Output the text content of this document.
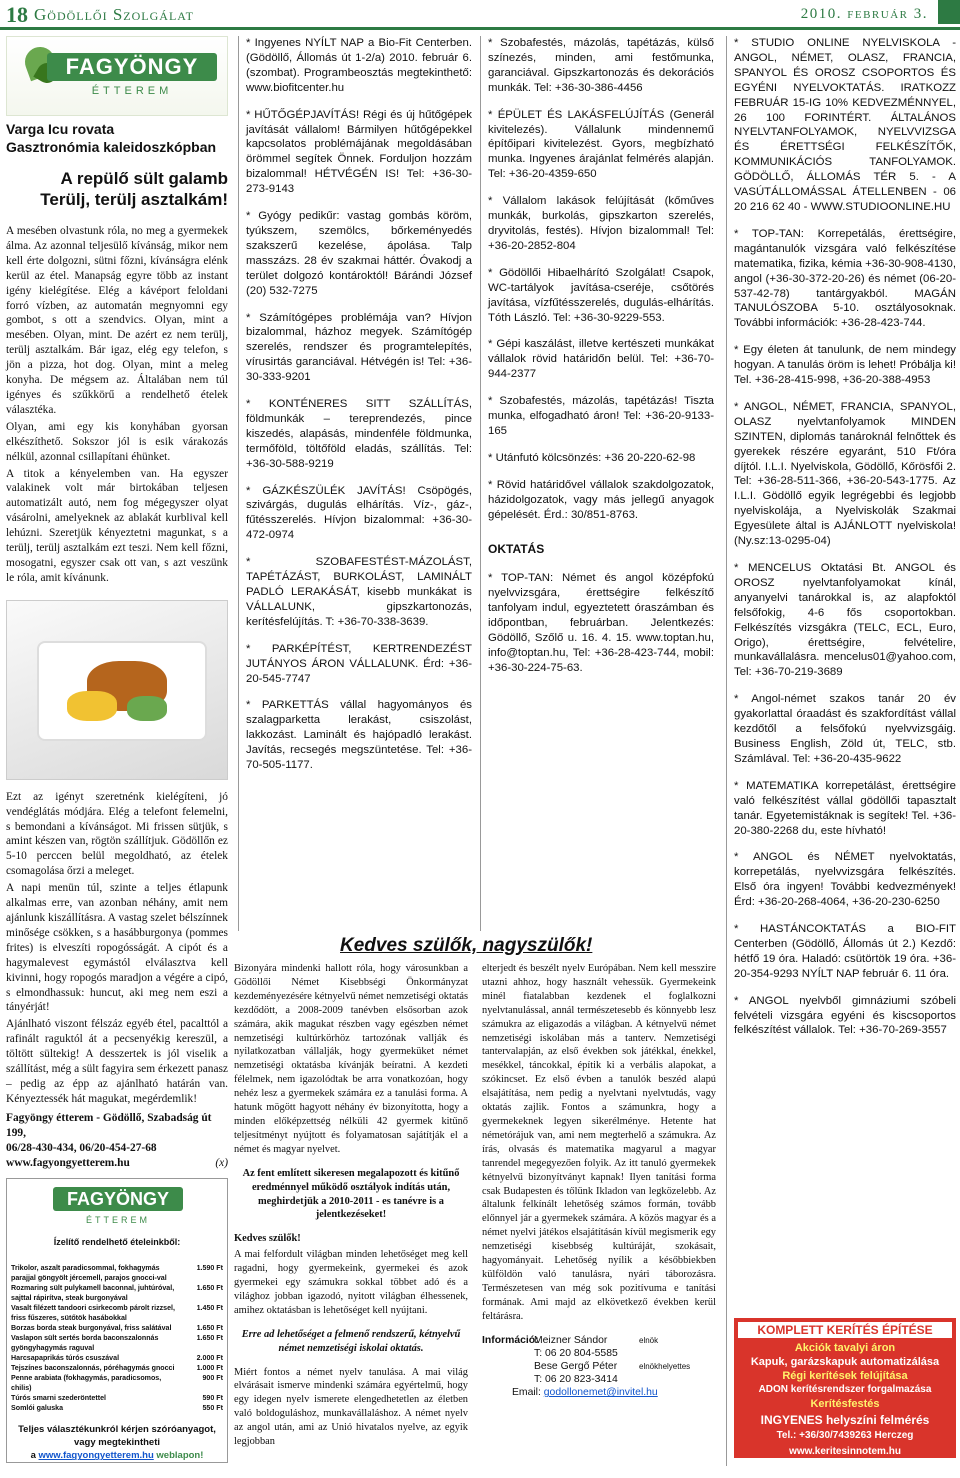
18 Gödöllői Szolgálat	2010. február 3.
FAGYÖNGY
ÉTTEREM
Varga Icu rovata
Gasztronómia kaleidoszkópban
A repülő sült galamb
Terülj, terülj asztalkám!

A mesében olvastunk róla, no meg a gyermekek álma. Az azonnal teljesülő kívánság, mikor nem kell érte dolgozni, sütni főzni, kívánságra elénk kerül az étel. Manapság egyre több az instant igény kielégítése. Elég a kávéport feloldani forró vízben, az automatán megnyomni egy gombot, s ott a szendvics. Olyan, mint a mesében. Olyan, mint. De azért ez nem terülj, terülj asztalkám. Bár igaz, elég egy telefon, s jön a pizza, hot dog. Olyan, mint a meleg konyha. De mégsem az. Általában nem túl igényes és szűkkörű a rendelhető ételek választéka.

Olyan, ami egy kis konyhában gyorsan elkészíthető. Sokszor jól is esik várakozás nélkül, azonnal csillapítani éhünket.

A titok a kényelemben van. Ha egyszer valakinek volt már birtokában teljesen automatizált autó, nem fog mégegyszer olyat vásárolni, amelyeknek az ablakát kurblival kell lehúzni. Szeretjük kényeztetni magunkat, s a terülj, terülj asztalkám ezt teszi. Nem kell főzni, mosogatni, egyszer csak ott van, s azt veszünk le róla, amit kívánunk.

Ezt az igényt szeretnénk kielégíteni, jó vendéglátás módjára. Elég a telefont felemelni, s bemondani a kívánságot. Mi frissen sütjük, s amint készen van, rögtön szállítjuk. Gödöllőn ez 5-10 perccen belül megoldható, az ételek csomagolása őrzi a meleget.

A napi menün túl, szinte a teljes étlapunk alkalmas erre, van azonban néhány, amit nem ajánlunk kiszállításra. A vastag szelet bélszínnek minősége csökken, s a hasábburgonya (pommes frites) is elveszíti ropogósságát. A cipót és a hagymalevest egymástól elválasztva kell kivinni, hogy ropogós maradjon a végére a cipó, s elmondhassuk: huncut, aki meg nem eszi a tányérját!

Ajánlható viszont félszáz egyéb étel, pacalttól a rafinált raguktól át a pecsenyékig kereszül, a töltött sültekig! A desszertek is jól viselik a szállítást, még a sült fagyira sem érkezett panasz – pedig az épp az ajánlható határán van. Kényeztessék hát magukat, megérdemlik!

Fagyöngy étterem - Gödöllő, Szabadság út 199,
06/28-430-434, 06/20-454-27-68
www.fagyongyetterem.hu	(x)
FAGYÖNGY
ÉTTEREM
Ízelítő rendelhető ételeinkből:
Trikolor, aszalt paradicsommal, fokhagymás parajjal göngyölt jércemell, parajos gnocci-val
1.590 Ft
Rozmaring sült pulykamell baconnal, juhtúróval, sajttal rápirítva, steak burgonyával
1.650 Ft
Vasalt filézett tandoori csirkecomb párolt rizzsel, friss fűszeres, sütőtök hasábokkal
1.450 Ft
Borzas borda steak burgonyával, friss salátával	1.650 Ft
Vaslapon sült sertés borda baconszalonnás gyöngyhagymás raguval
1.650 Ft
Harcsapaprikás túrós csuszával	2.000 Ft
Tejszínes baconszalonnás, póréhagymás gnocci	1.000 Ft
Penne arabiata (fokhagymás, paradicsomos, chilis)
900 Ft
Túrós smarni szederöntettel	590 Ft
Somlói galuska	550 Ft
Teljes választékunkról kérjen szóróanyagot, vagy megtekintheti
a www.fagyongyetterem.hu weblapon!
* Ingyenes NYÍLT NAP a Bio-Fit Centerben. (Gödöllő, Állomás út 1-2/a) 2010. február 6. (szombat). Programbeosztás megtekinthető: www.biofitcenter.hu
* HŰTŐGÉPJAVÍTÁS! Régi és új hűtőgépek javítását vállalom! Bármilyen hűtőgépekkel kapcsolatos problémájának megoldásában örömmel segítek Önnek. Forduljon hozzám bizalommal! HÉTVÉGÉN IS! Tel: +36-30-273-9143
* Gyógy pedikűr: vastag gombás köröm, tyúkszem, szemölcs, bőrkeményedés szakszerű kezelése, ápolása. Talp masszázs. 28 év szakmai háttér. Óvakodj a terület dolgozó kontároktól! Bárándi József (20) 532-7275
* Számítógépes problémája van? Hívjon bizalommal, házhoz megyek. Számítógép szerelés, rendszer és programtelepítés, vírusirtás garanciával. Hétvégén is! Tel: +36-30-333-9201
* KONTÉNERES SITT SZÁLLÍTÁS, földmunkák – tereprendezés, pince kiszedés, alapásás, mindenféle földmunka, termőföld, töltőföld eladás, szállítás. Tel: +36-30-588-9219
* GÁZKÉSZÜLÉK JAVÍTÁS! Csöpögés, szivárgás, dugulás elhárítás. Víz-, gáz-, fűtésszerelés. Hívjon bizalommal: +36-30-472-0974
* SZOBAFESTÉST-MÁZOLÁST, TAPÉTÁZÁST, BURKOLÁST, LAMINÁLT PADLÓ LERAKÁSÁT, kisebb munkákat is VÁLLALUNK, gipszkartonozás, kerítésfelújítás. T: +36-70-338-3639.
* PARKÉPÍTÉST, KERTRENDEZÉST JUTÁNYOS ÁRON VÁLLALUNK. Érd: +36-20-545-7747
* PARKETTÁS vállal hagyományos és szalagparketta lerakást, csiszolást, lakkozást. Laminált és hajópadló lerakást. Javítás, recsegés megszüntetése. Tel: +36-70-505-1177.
* Szobafestés, mázolás, tapétázás, külső színezés, minden, ami festőmunka, garanciával. Gipszkartonozás és dekorációs munkák. Tel: +36-30-386-4456
* ÉPÜLET ÉS LAKÁSFELÚJÍTÁS (Generál kivitelezés). Vállalunk mindennemű építőipari kivitelezést. Gyors, megbízható munka. Ingyenes árajánlat felmérés alapján. Tel: +36-20-4359-650
* Vállalom lakások felújítását (kőműves munkák, burkolás, gipszkarton szerelés, dryvitolás, festés). Hívjon bizalommal! Tel: +36-20-2852-804
* Gödöllői Hibaelhárító Szolgálat! Csapok, WC-tartályok javítása-cseréje, csőtörés javítása, vízfűtésszerelés, dugulás-elhárítás. Tóth László. Tel: +36-30-9229-553.
* Gépi kaszálást, illetve kertészeti munkákat vállalok rövid határidőn belül. Tel: +36-70-944-2377
* Szobafestés, mázolás, tapétázás! Tiszta munka, elfogadható áron! Tel: +36-20-9133-165
* Utánfutó kölcsönzés: +36 20-220-62-98
* Rövid határidővel vállalok szakdolgozatok, házidolgozatok, vagy más jellegű anyagok gépelését. Érd.: 30/851-8763.
OKTATÁS
* TOP-TAN: Német és angol középfokú nyelvvizsgára, érettségire felkészítő tanfolyam indul, egyeztetett óraszámban és időpontban, februárban. Jelentkezés: Gödöllő, Szőlő u. 16. 4. 15. www.toptan.hu, info@toptan.hu, Tel: +36-28-423-744, mobil: +36-30-224-75-63.
* STUDIO ONLINE NYELVISKOLA - ANGOL, NÉMET, OLASZ, FRANCIA, SPANYOL ÉS OROSZ CSOPORTOS ÉS EGYÉNI NYELVOKTATÁS. IRATKOZZ FEBRUÁR 15-IG 10% KEDVEZMÉNNYEL, 26 100 FORINTÉRT. ÁLTALÁNOS NYELVTANFOLYAMOK, NYELVVIZSGA ÉS ÉRETTSÉGI FELKÉSZÍTŐK, KOMMUNIKÁCIÓS TANFOLYAMOK. GÖDÖLLŐ, ÁLLOMÁS TÉR 5. - A VASÚTÁLLOMÁSSAL ÁTELLENBEN - 06 20 216 62 40 - WWW.STUDIOONLINE.HU
* TOP-TAN: Korrepetálás, érettségire, magántanulók vizsgára való felkészítése matematika, fizika, kémia +36-30-908-4130, angol (+36-30-372-20-26) és német (06-20-537-42-78) tantárgyakból. MAGÁN TANULÓSZOBA 5-10. osztályosoknak. További információk: +36-28-423-744.
* Egy életen át tanulunk, de nem mindegy hogyan. A tanulás öröm is lehet! Próbálja ki! Tel. +36-28-415-998, +36-20-388-4953
* ANGOL, NÉMET, FRANCIA, SPANYOL, OLASZ nyelvtanfolyamok MINDEN SZINTEN, diplomás tanároknál felnőttek és gyerekek részére egyaránt, 510 Ft/óra díjtól. I.L.I. Nyelviskola, Gödöllő, Kőrösfői 2. Tel: +36-28-511-366, +36-20-543-1775. Az I.L.I. Gödöllő egyik legrégebbi és legjobb nyelviskolája, a Nyelviskolák Szakmai Egyesülete által is AJÁNLOTT nyelviskola! (Ny.sz:13-0295-04)
* MENCELUS Oktatási Bt. ANGOL és OROSZ nyelvtanfolyamokat kínál, anyanyelvi tanárokkal is, az alapfoktól felsőfokig, 4-6 fős csoportokban. Felkészítés vizsgákra (TELC, ECL, Euro, Origo), érettségire, felvételire, munkavállalásra. mencelus01@yahoo.com, Tel: +36-70-219-3689
* Angol-német szakos tanár 20 év gyakorlattal óraadást és szakfordítást vállal kezdőtől a felsőfokú nyelvvizsgáig. Business English, Zöld út, TELC, stb. Számlával. Tel: +36-20-435-9622
* MATEMATIKA korrepetálást, érettségire való felkészítést vállal gödöllői tapasztalt tanár. Egyetemistáknak is segítek! Tel. +36-20-380-2268 du, este hívható!
* ANGOL és NÉMET nyelvoktatás, korrepetálás, nyelvvizsgára felkészítés. Első óra ingyen! További kedvezmények! Érd: +36-20-268-4064, +36-20-230-6250
* HASTÁNCOKTATÁS a BIO-FIT Centerben (Gödöllő, Állomás út 2.) Kezdő: hétfő 19 óra. Haladó: csütörtök 19 óra. +36-20-354-9293 NYÍLT NAP február 6. 11 óra.
* ANGOL nyelvből gimnáziumi szóbeli felvételi vizsgára egyéni és kiscsoportos felkészítést vállalok. Tel: +36-70-269-3557
Kedves szülők, nagyszülők!

Bizonyára mindenki hallott róla, hogy városunkban a Gödöllői Német Kisebbségi Önkormányzat kezdeményezésére kétnyelvű német nemzetiségi oktatás kezdődött, a 2008-2009 tanévben elsősorban azok számára, akik magukat részben vagy egészben német nemzetiségi kultúrkörhöz tartozónak vallják és nyilatkozatban vállalják, hogy gyermeküket német nemzetiségi oktatásba kívánják beíratni. A kezdeti félelmek, nem igazolódtak be arra vonatkozóan, hogy nehéz lesz a gyermekek számára ez a tanulási forma. A hatunk mögött hagyott néhány év bizonyította, hogy a minden előképzettség nélküli 42 gyermek kitűnő teljesítményt nyújtott és folyamatosan sajátítják el a német és magyar nyelvet.

Az fent említett sikeresen megalapozott és kitűnő eredménnyel működő osztályok indítás után, meghirdetjük a 2010-2011 - es tanévre is a jelentkezéseket!

Kedves szülők!

A mai felfordult világban minden lehetőséget meg kell ragadni, hogy gyermekeink, gyermekei és azok gyermekei egy számukra sokkal többet adó és a világhoz jobban igazodó, nyitott világban élhessenek, amihez oktatásban is lehetőséget kell nyújtani.

Erre ad lehetőséget a felmenő rendszerű, kétnyelvű német nemzetiségi iskolai oktatás.

Miért fontos a német nyelv tanulása. A mai világ elvárásait ismerve mindenki számára egyértelmű, hogy egy idegen nyelv ismerete elengedhetetlen az életben való boldoguláshoz, munkavállaláshoz. A német nyelv az angol után, ami az Unió hivatalos nyelve, az egyik legjobban

elterjedt és beszélt nyelv Európában. Nem kell messzire utazni ahhoz, hogy használt vehessük. Gyermekeink minél fiatalabban kezdenek el foglalkozni nyelvtanulással, annál természetesebb és könnyebb lesz számukra az eligazodás a világban. A kétnyelvű német nemzetiségi iskolában más a tanterv. Nemzetiségi tantervalapján, az első években sok játékkal, énekkel, mesékkel, táncokkal, építik ki a verbális alapokat, a szókincset. Ez első évben a tanulók beszéd alapú elsajátítása, nem pedig a nyelvtani nyelvtudás, vagy oktatás zajlik. Fontos a számunkra, hogy a gyermekeknek legyen sikerélménye. Hetente hat németórájuk van, ami nem megterhelő a számukra. Az írás, olvasás és matematika magyarul a magyar tanrendel megegyezően folyik. Az itt tanuló gyermekek kétnyelvű bizonyítványt kapnak! Ilyen tanítási forma csak Budapesten és tőlünk Ikladon van legközelebb. Az általunk felkínált lehetőség számos formán, tovább előnnyel jár a gyermekek számára. A közös magyar és a német nyelvi játékos elsajátításán kívül megismerik egy nemzetiségi kisebbség kultúráját, szokásait, hagyományait. Lehetőség nyílik a későbbiekben külföldön való tanulásra, nyári táborozásra. Természetesen van még sok pozitívuma e tanítási formának. Ami majd az elkövetkező években kerül feltárásra.

Információ:Meizner Sándor	elnök
T: 06 20 804-5585
Bese Gergő Péter	elnökhelyettes
T: 06 20 823-3414
Email: godollonemet@invitel.hu
KOMPLETT KERÍTÉS ÉPÍTÉSE
Akciók tavalyi áron
Kapuk, garázskapuk automatizálása
Régi kerítések felújítása
ADON kerítésrendszer forgalmazása
Kerítésfestés
INGYENES helyszíni felmérés
Tel.: +36/30/7439263 Herczeg
www.keritesinnotem.hu
